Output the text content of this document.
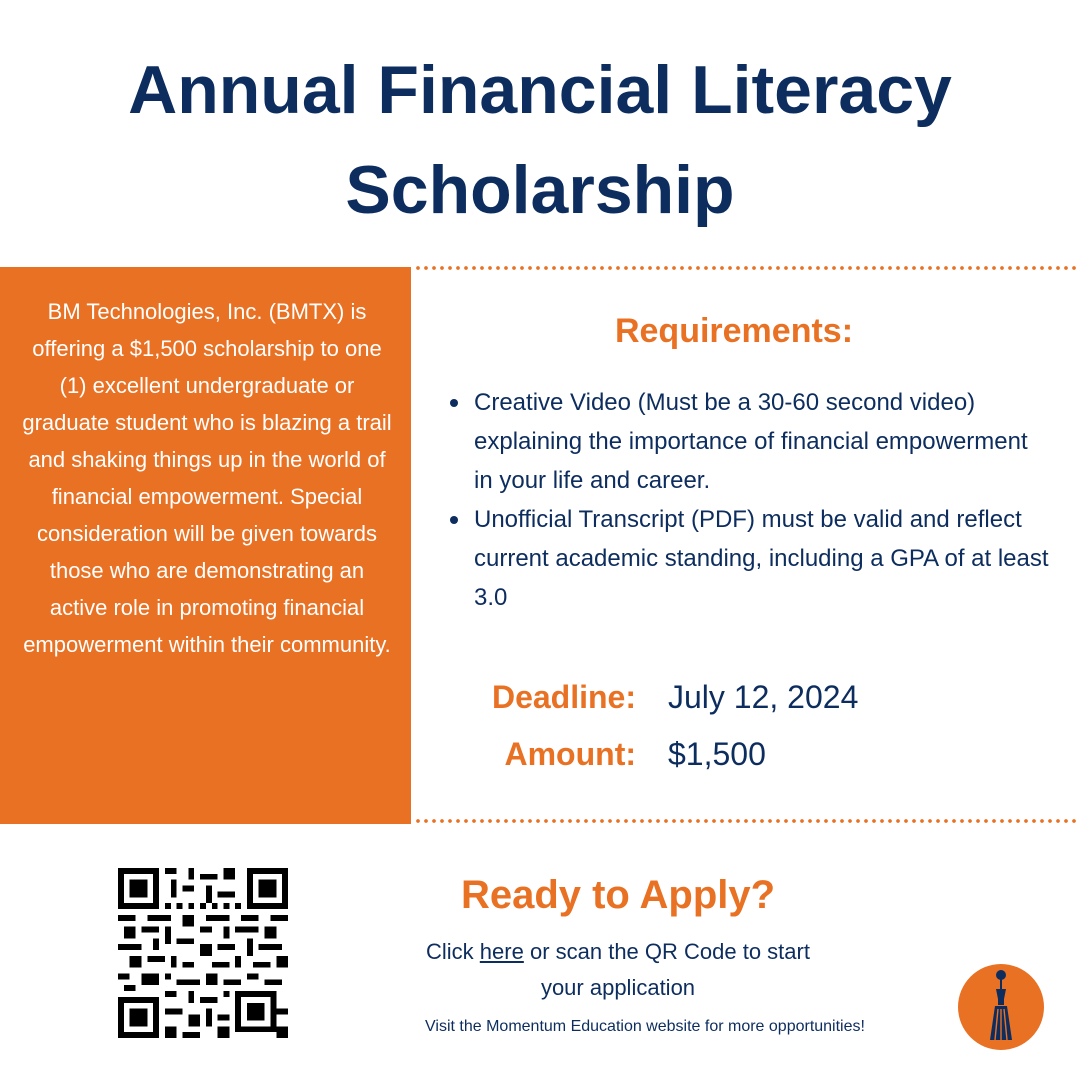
Annual Financial Literacy
Scholarship

BM Technologies, Inc. (BMTX) is offering a $1,500 scholarship to one (1) excellent undergraduate or graduate student who is blazing a trail and shaking things up in the world of financial empowerment. Special consideration will be given towards those who are demonstrating an active role in promoting financial empowerment within their community.

Requirements:
Creative Video (Must be a 30-60 second video) explaining the importance of financial empowerment in your life and career.
Unofficial Transcript (PDF) must be valid and reflect current academic standing, including a GPA of at least 3.0
Deadline: July 12, 2024
Amount: $1,500
Ready to Apply?

Click here or scan the QR Code to start your application

Visit the Momentum Education website for more opportunities!
